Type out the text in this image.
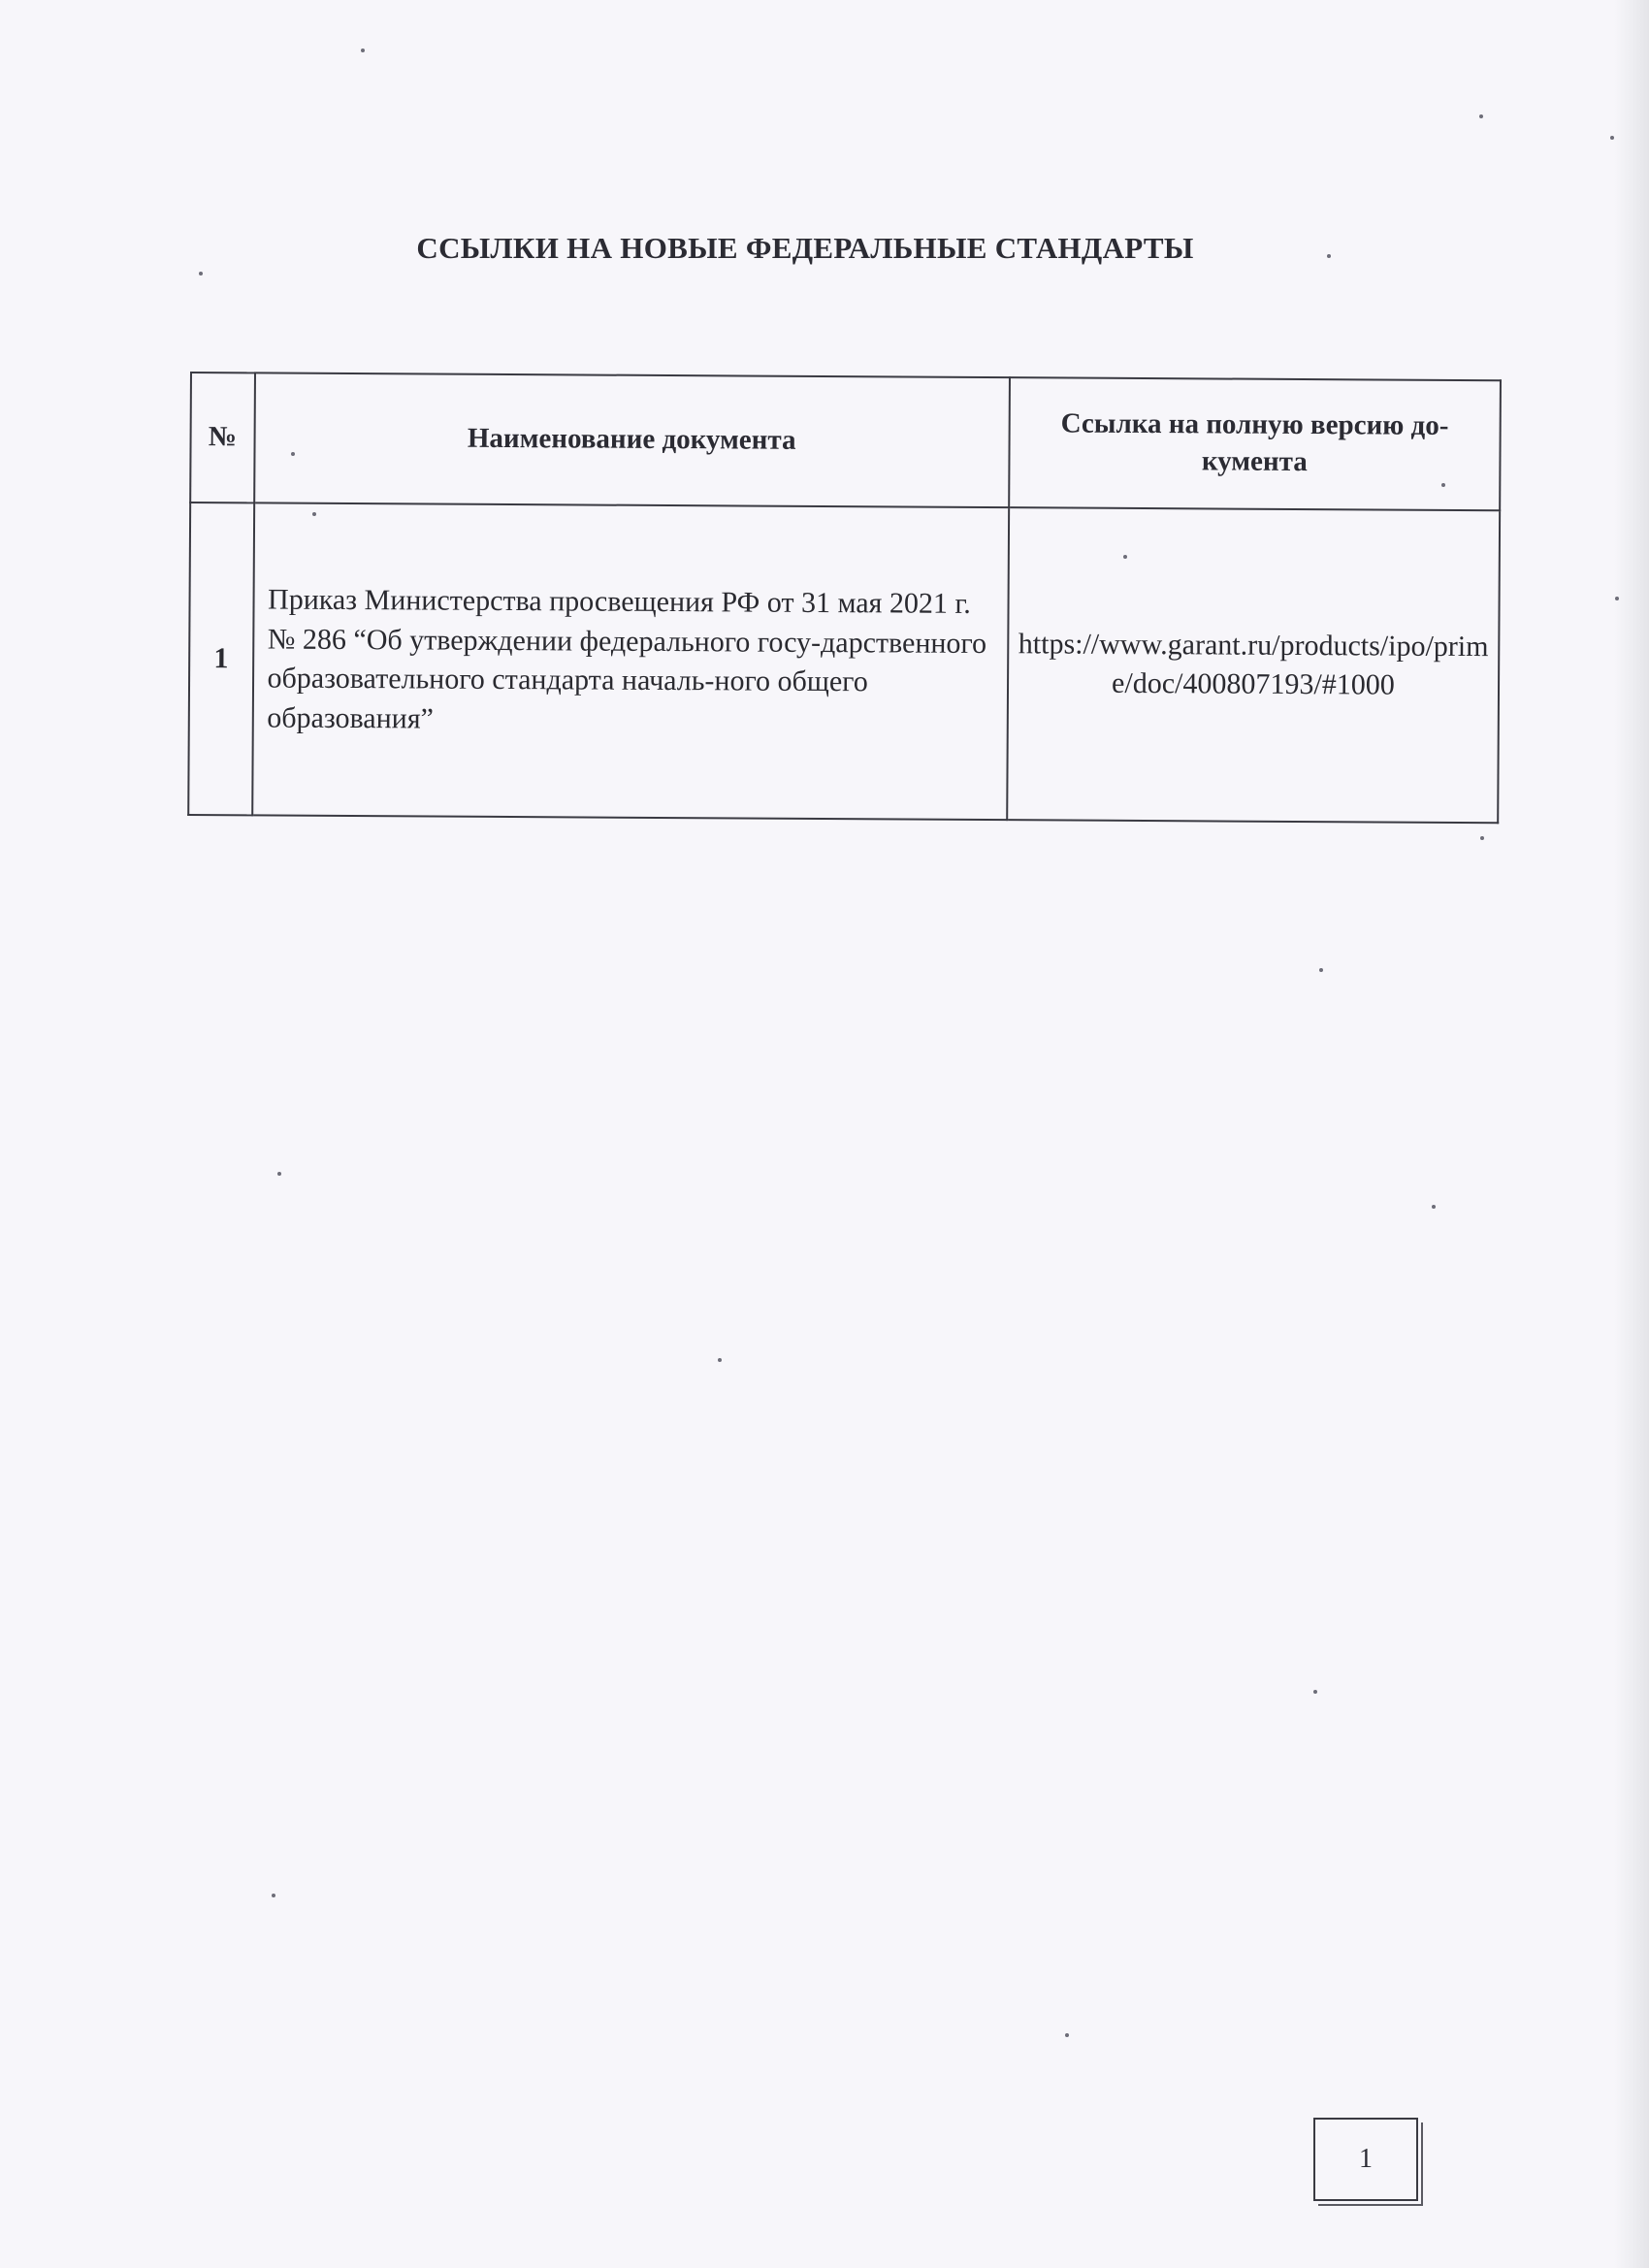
ССЫЛКИ НА НОВЫЕ ФЕДЕРАЛЬНЫЕ СТАНДАРТЫ
№	Наименование документа	Ссылка на полную версию до-кумента
1	Приказ Министерства просвещения РФ от 31 мая 2021 г. № 286 “Об утверждении федерального госу-дарственного образовательного стандарта началь-ного общего образования”	https://www.garant.ru/products/ipo/prime/doc/400807193/#1000
1
